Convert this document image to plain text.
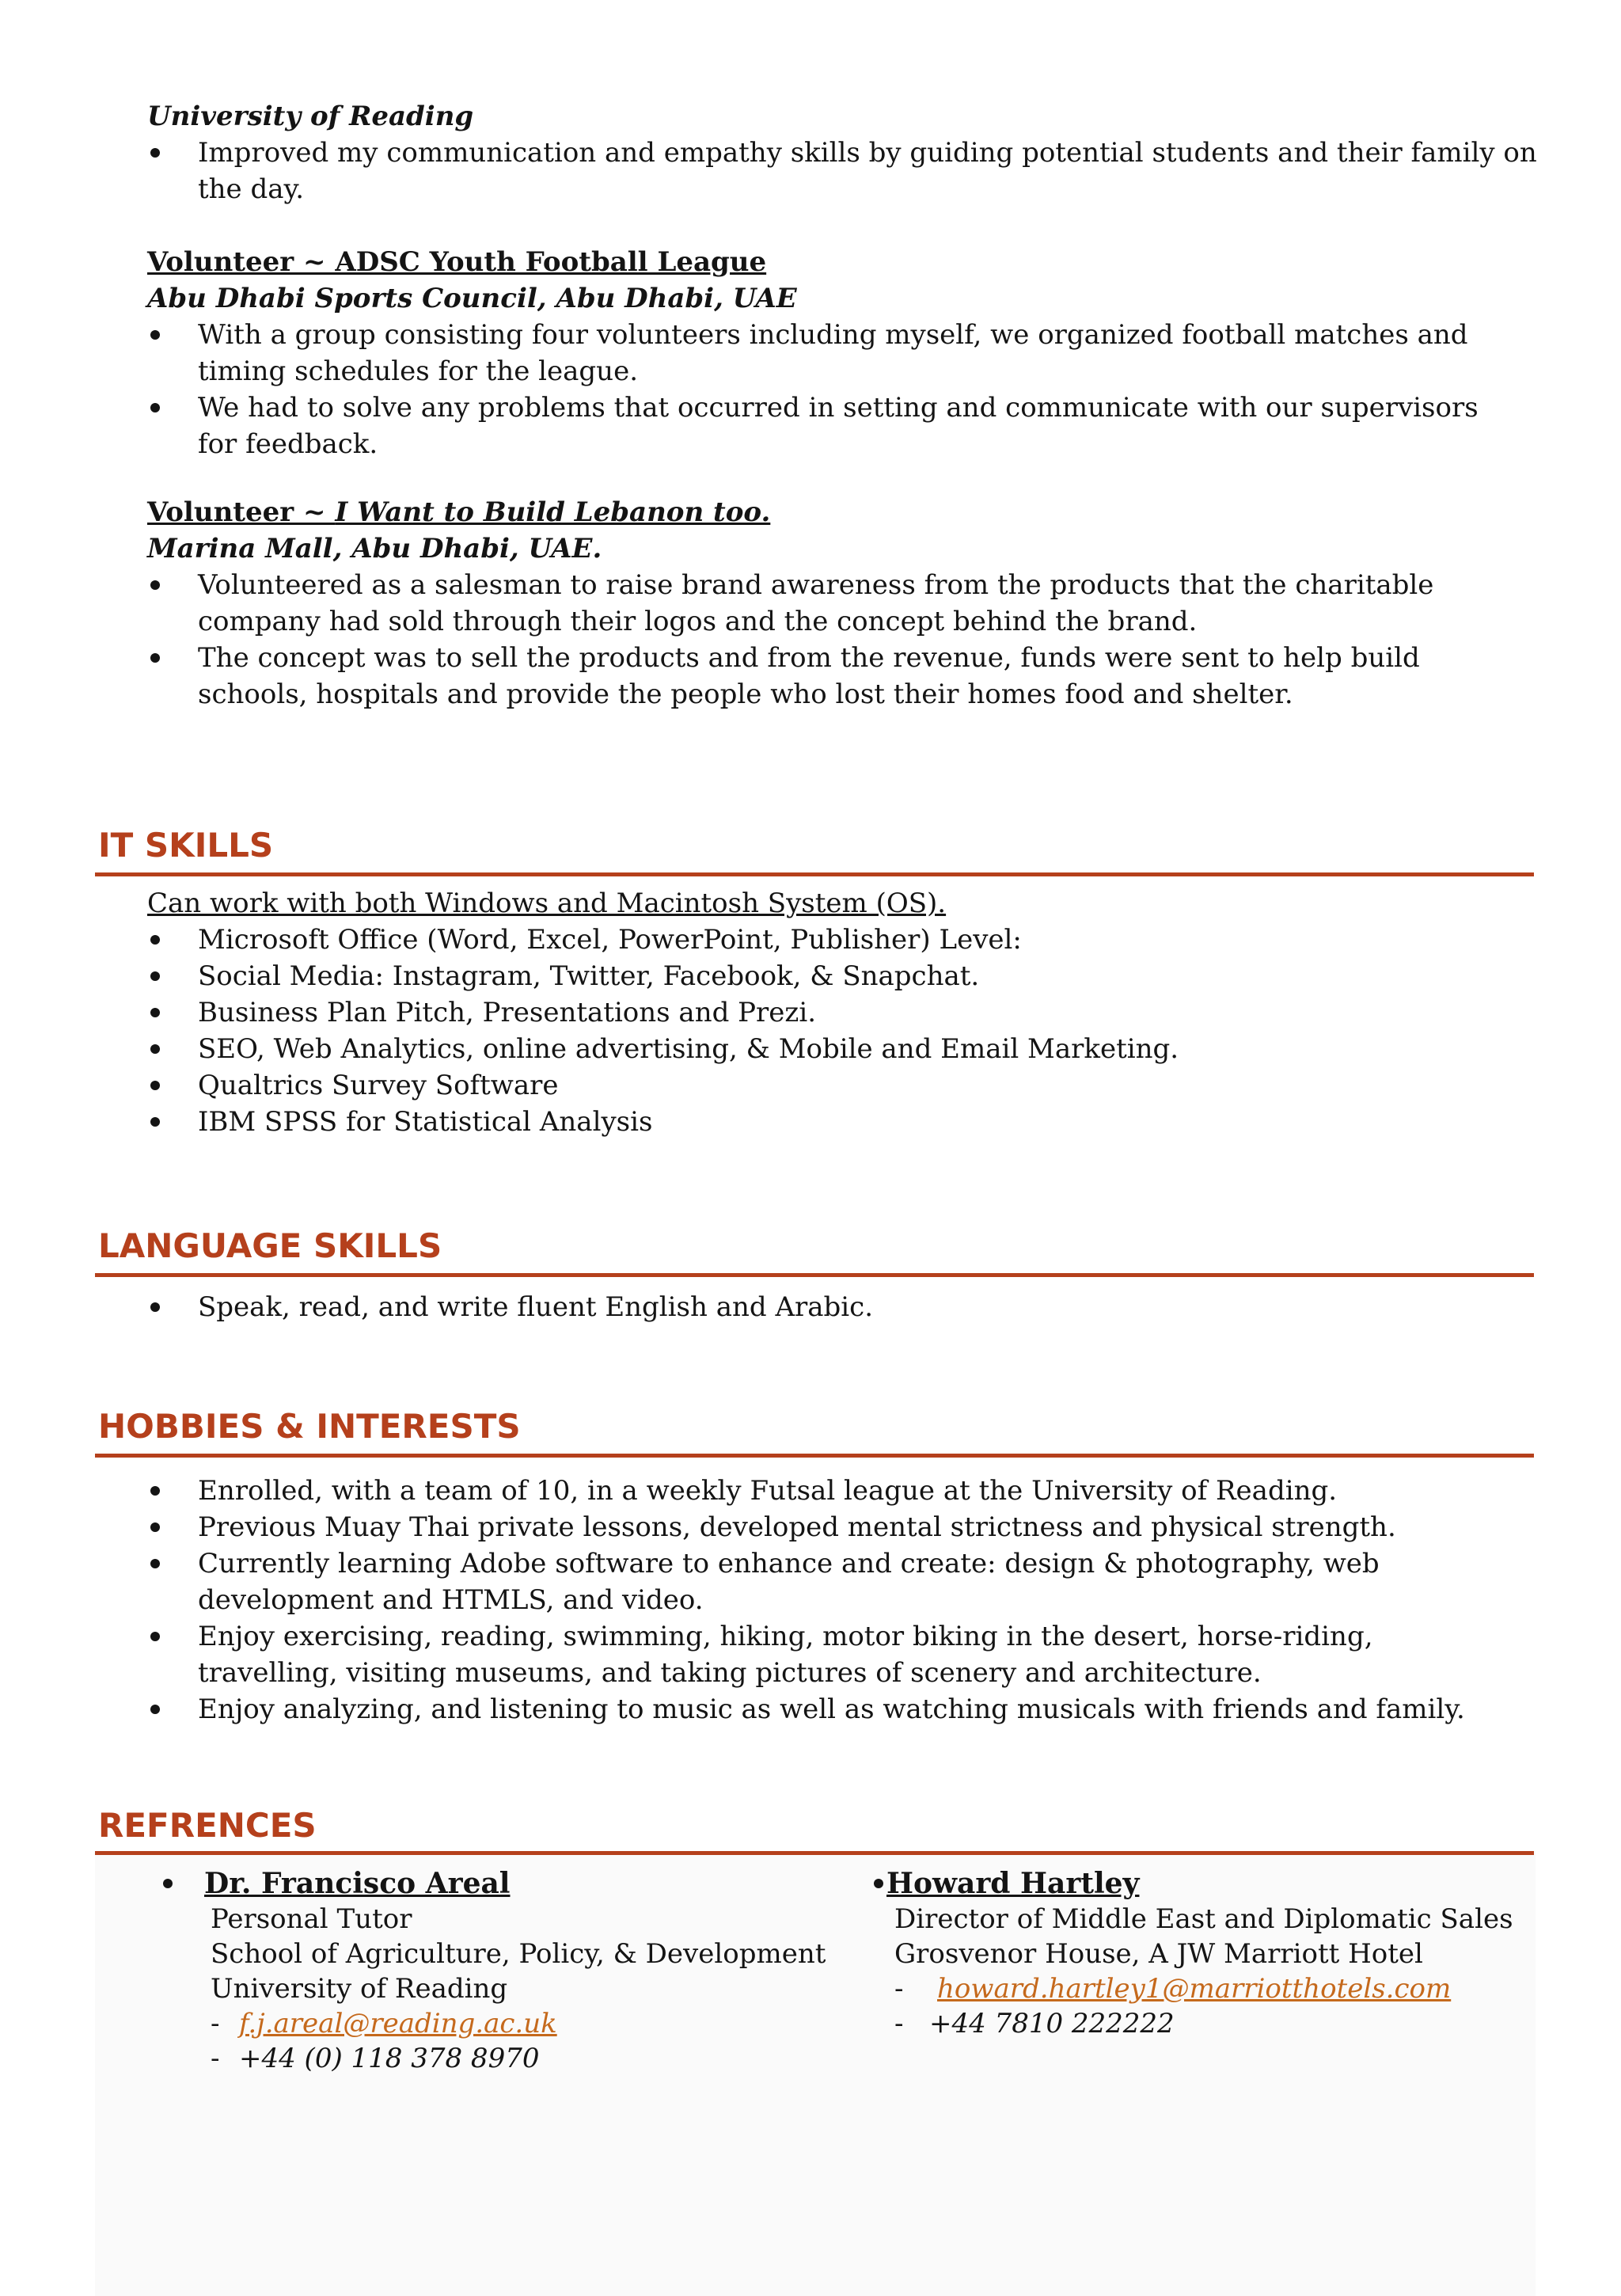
University of Reading
Improved my communication and empathy skills by guiding potential students and their family on the day.
Volunteer ~ ADSC Youth Football League
Abu Dhabi Sports Council, Abu Dhabi, UAE
With a group consisting four volunteers including myself, we organized football matches and timing schedules for the league.
We had to solve any problems that occurred in setting and communicate with our supervisors for feedback.
Volunteer ~ I Want to Build Lebanon too.
Marina Mall, Abu Dhabi, UAE.
Volunteered as a salesman to raise brand awareness from the products that the charitable company had sold through their logos and the concept behind the brand.
The concept was to sell the products and from the revenue, funds were sent to help build schools, hospitals and provide the people who lost their homes food and shelter.
IT SKILLS
Can work with both Windows and Macintosh System (OS).
Microsoft Office (Word, Excel, PowerPoint, Publisher) Level:
Social Media: Instagram, Twitter, Facebook, & Snapchat.
Business Plan Pitch, Presentations and Prezi.
SEO, Web Analytics, online advertising, & Mobile and Email Marketing.
Qualtrics Survey Software
IBM SPSS for Statistical Analysis
LANGUAGE SKILLS
Speak, read, and write fluent English and Arabic.
HOBBIES & INTERESTS
Enrolled, with a team of 10, in a weekly Futsal league at the University of Reading.
Previous Muay Thai private lessons, developed mental strictness and physical strength.
Currently learning Adobe software to enhance and create: design & photography, web development and HTMLS, and video.
Enjoy exercising, reading, swimming, hiking, motor biking in the desert, horse-riding, travelling, visiting museums, and taking pictures of scenery and architecture.
Enjoy analyzing, and listening to music as well as watching musicals with friends and family.
REFRENCES
Dr. Francisco Areal
Personal Tutor
School of Agriculture, Policy, & Development
University of Reading
- f.j.areal@reading.ac.uk
- +44 (0) 118 378 8970
Howard Hartley
Director of Middle East and Diplomatic Sales
Grosvenor House, A JW Marriott Hotel
- howard.hartley1@marriotthotels.com
- +44 7810 222222
